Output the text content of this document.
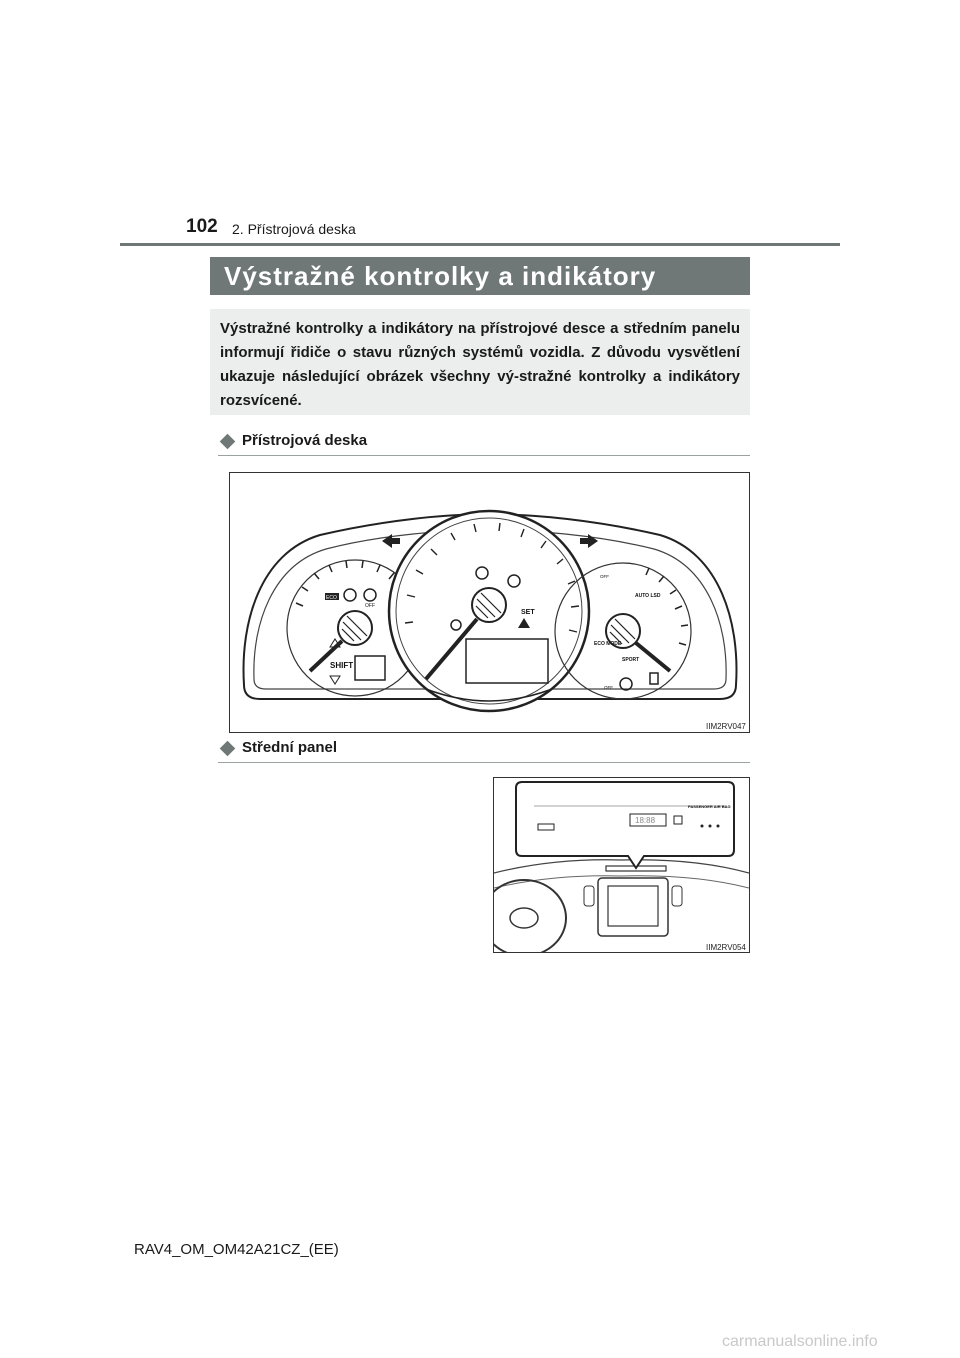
102 2. Přístrojová deska
Výstražné kontrolky a indikátory
Výstražné kontrolky a indikátory na přístrojové desce a středním panelu informují řidiče o stavu různých systémů vozidla. Z důvodu vysvětlení ukazuje následující obrázek všechny vý-stražné kontrolky a indikátory rozsvícené.
Přístrojová deska
SHIFT
ECO
OFF
SET
AUTO LSD
ECO MODE
SPORT
OFF
OFF
IIM2RV047
Střední panel
18:88
PASSENGER AIR BAG
IIM2RV054
RAV4_OM_OM42A21CZ_(EE)
carmanualsonline.info
